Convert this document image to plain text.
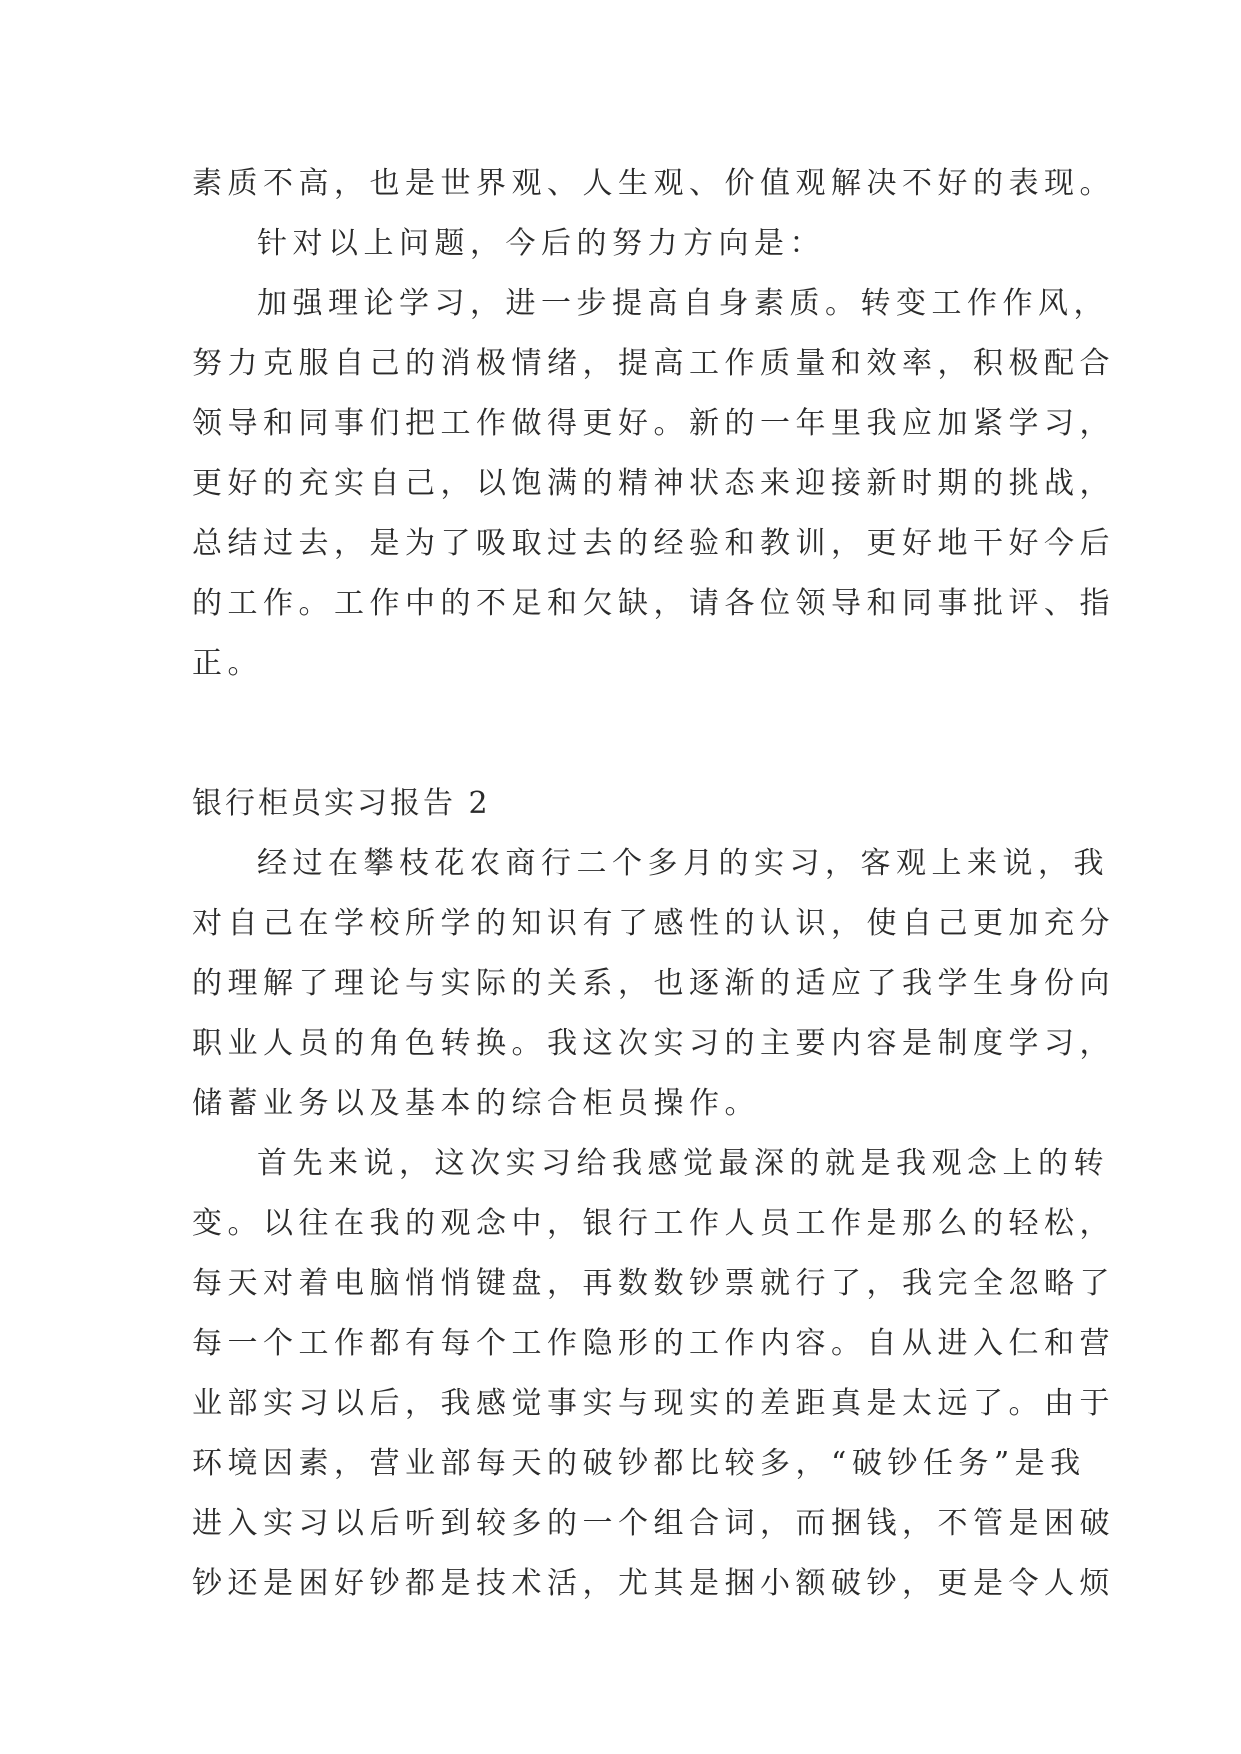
素质不高，也是世界观、人生观、价值观解决不好的表现。
针对以上问题，今后的努力方向是：
加强理论学习，进一步提高自身素质。转变工作作风，
努力克服自己的消极情绪，提高工作质量和效率，积极配合
领导和同事们把工作做得更好。新的一年里我应加紧学习，
更好的充实自己，以饱满的精神状态来迎接新时期的挑战，
总结过去，是为了吸取过去的经验和教训，更好地干好今后
的工作。工作中的不足和欠缺，请各位领导和同事批评、指
正。
银行柜员实习报告 2
经过在攀枝花农商行二个多月的实习，客观上来说，我
对自己在学校所学的知识有了感性的认识，使自己更加充分
的理解了理论与实际的关系，也逐渐的适应了我学生身份向
职业人员的角色转换。我这次实习的主要内容是制度学习，
储蓄业务以及基本的综合柜员操作。
首先来说，这次实习给我感觉最深的就是我观念上的转
变。以往在我的观念中，银行工作人员工作是那么的轻松，
每天对着电脑悄悄键盘，再数数钞票就行了，我完全忽略了
每一个工作都有每个工作隐形的工作内容。自从进入仁和营
业部实习以后，我感觉事实与现实的差距真是太远了。由于
环境因素，营业部每天的破钞都比较多，“破钞任务”是我
进入实习以后听到较多的一个组合词，而捆钱，不管是困破
钞还是困好钞都是技术活，尤其是捆小额破钞，更是令人烦
